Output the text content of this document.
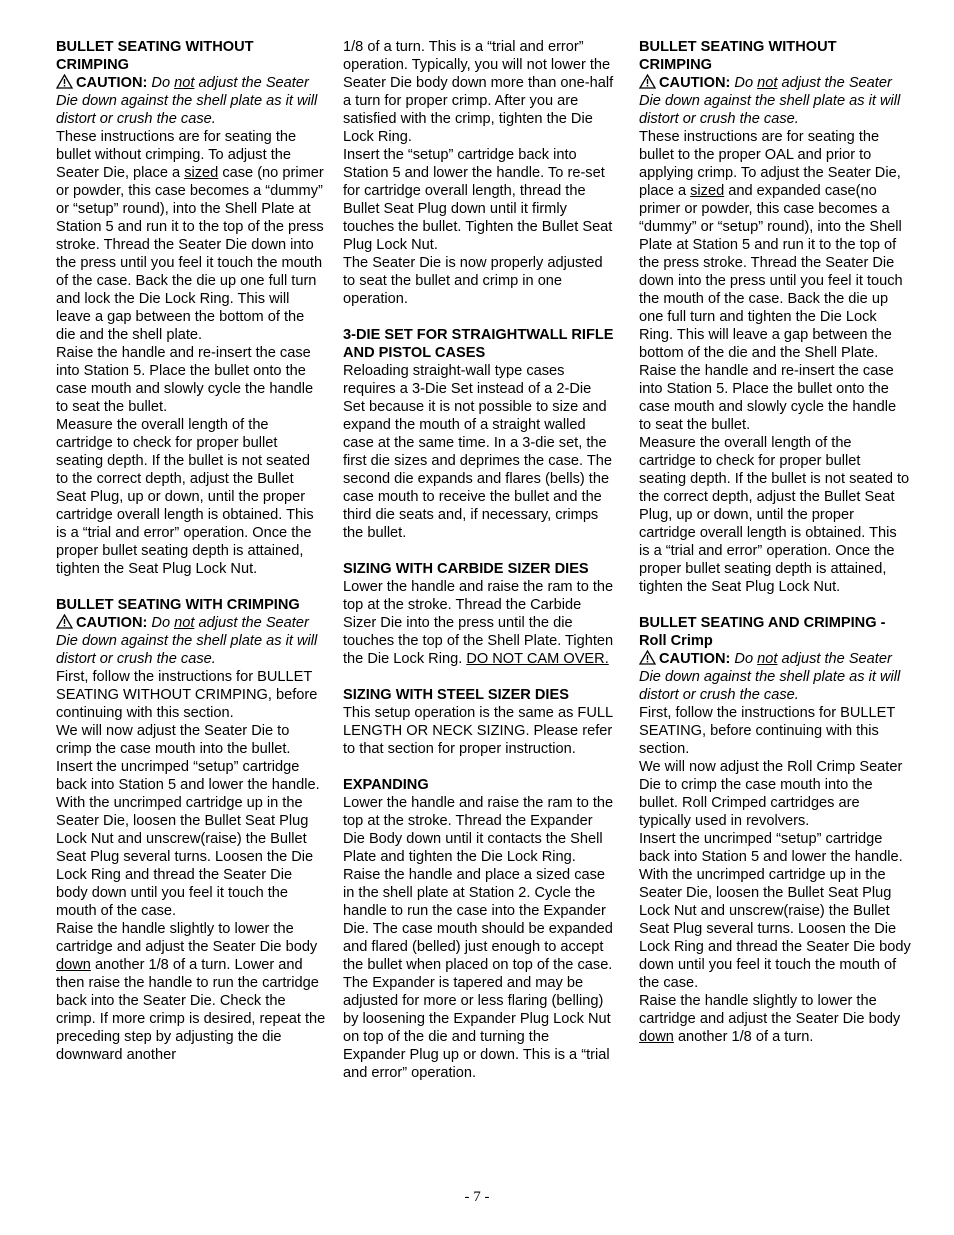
BULLET SEATING WITHOUT CRIMPING

CAUTION: Do not adjust the Seater Die down against the shell plate as it will distort or crush the case.

These instructions are for seating the bullet without crimping. To adjust the Seater Die, place a sized case (no primer or powder, this case becomes a “dummy” or “setup” round), into the Shell Plate at Station 5 and run it to the top of the press stroke. Thread the Seater Die down into the press until you feel it touch the mouth of the case. Back the die up one full turn and lock the Die Lock Ring. This will leave a gap between the bottom of the die and the shell plate.

Raise the handle and re-insert the case into Station 5. Place the bullet onto the case mouth and slowly cycle the handle to seat the bullet.

Measure the overall length of the cartridge to check for proper bullet seating depth. If the bullet is not seated to the correct depth, adjust the Bullet Seat Plug, up or down, until the proper cartridge overall length is obtained. This is a “trial and error” operation. Once the proper bullet seating depth is attained, tighten the Seat Plug Lock Nut.

BULLET SEATING WITH CRIMPING

CAUTION: Do not adjust the Seater Die down against the shell plate as it will distort or crush the case.

First, follow the instructions for BULLET SEATING WITHOUT CRIMPING, before continuing with this section.

We will now adjust the Seater Die to crimp the case mouth into the bullet. Insert the uncrimped “setup” cartridge back into Station 5 and lower the handle. With the uncrimped cartridge up in the Seater Die, loosen the Bullet Seat Plug Lock Nut and unscrew(raise) the Bullet Seat Plug several turns. Loosen the Die Lock Ring and thread the Seater Die body down until you feel it touch the mouth of the case.

Raise the handle slightly to lower the cartridge and adjust the Seater Die body down another 1/8 of a turn. Lower and then raise the handle to run the cartridge back into the Seater Die. Check the crimp. If more crimp is desired, repeat the preceding step by adjusting the die downward another

1/8 of a turn. This is a “trial and error” operation. Typically, you will not lower the Seater Die body down more than one-half a turn for proper crimp. After you are satisfied with the crimp, tighten the Die Lock Ring.

Insert the “setup” cartridge back into Station 5 and lower the handle. To re-set for cartridge overall length, thread the Bullet Seat Plug down until it firmly touches the bullet. Tighten the Bullet Seat Plug Lock Nut.

The Seater Die is now properly adjusted to seat the bullet and crimp in one operation.

3-DIE SET FOR STRAIGHTWALL RIFLE AND PISTOL CASES

Reloading straight-wall type cases requires a 3-Die Set instead of a 2-Die Set because it is not possible to size and expand the mouth of a straight walled case at the same time. In a 3-die set, the first die sizes and deprimes the case. The second die expands and flares (bells) the case mouth to receive the bullet and the third die seats and, if necessary, crimps the bullet.

SIZING WITH CARBIDE SIZER DIES

Lower the handle and raise the ram to the top at the stroke. Thread the Carbide Sizer Die into the press until the die touches the top of the Shell Plate. Tighten the Die Lock Ring. DO NOT CAM OVER.

SIZING WITH STEEL SIZER DIES

This setup operation is the same as FULL LENGTH OR NECK SIZING. Please refer to that section for proper instruction.

EXPANDING

Lower the handle and raise the ram to the top at the stroke. Thread the Expander Die Body down until it contacts the Shell Plate and tighten the Die Lock Ring. Raise the handle and place a sized case in the shell plate at Station 2. Cycle the handle to run the case into the Expander Die. The case mouth should be expanded and flared (belled) just enough to accept the bullet when placed on top of the case. The Expander is tapered and may be adjusted for more or less flaring (belling) by loosening the Expander Plug Lock Nut on top of the die and turning the Expander Plug up or down. This is a “trial and error” operation.

BULLET SEATING WITHOUT CRIMPING

CAUTION: Do not adjust the Seater Die down against the shell plate as it will distort or crush the case.

These instructions are for seating the bullet to the proper OAL and prior to applying crimp. To adjust the Seater Die, place a sized and expanded case(no primer or powder, this case becomes a “dummy” or “setup” round), into the Shell Plate at Station 5 and run it to the top of the press stroke. Thread the Seater Die down into the press until you feel it touch the mouth of the case. Back the die up one full turn and tighten the Die Lock Ring. This will leave a gap between the bottom of the die and the Shell Plate.

Raise the handle and re-insert the case into Station 5. Place the bullet onto the case mouth and slowly cycle the handle to seat the bullet.

Measure the overall length of the cartridge to check for proper bullet seating depth. If the bullet is not seated to the correct depth, adjust the Bullet Seat Plug, up or down, until the proper cartridge overall length is obtained. This is a “trial and error” operation. Once the proper bullet seating depth is attained, tighten the Seat Plug Lock Nut.

BULLET SEATING AND CRIMPING - Roll Crimp

CAUTION: Do not adjust the Seater Die down against the shell plate as it will distort or crush the case.

First, follow the instructions for BULLET SEATING, before continuing with this section.

We will now adjust the Roll Crimp Seater Die to crimp the case mouth into the bullet. Roll Crimped cartridges are typically used in revolvers.

Insert the uncrimped “setup” cartridge back into Station 5 and lower the handle. With the uncrimped cartridge up in the Seater Die, loosen the Bullet Seat Plug Lock Nut and unscrew(raise) the Bullet Seat Plug several turns. Loosen the Die Lock Ring and thread the Seater Die body down until you feel it touch the mouth of the case.

Raise the handle slightly to lower the cartridge and adjust the Seater Die body down another 1/8 of a turn.

- 7 -
